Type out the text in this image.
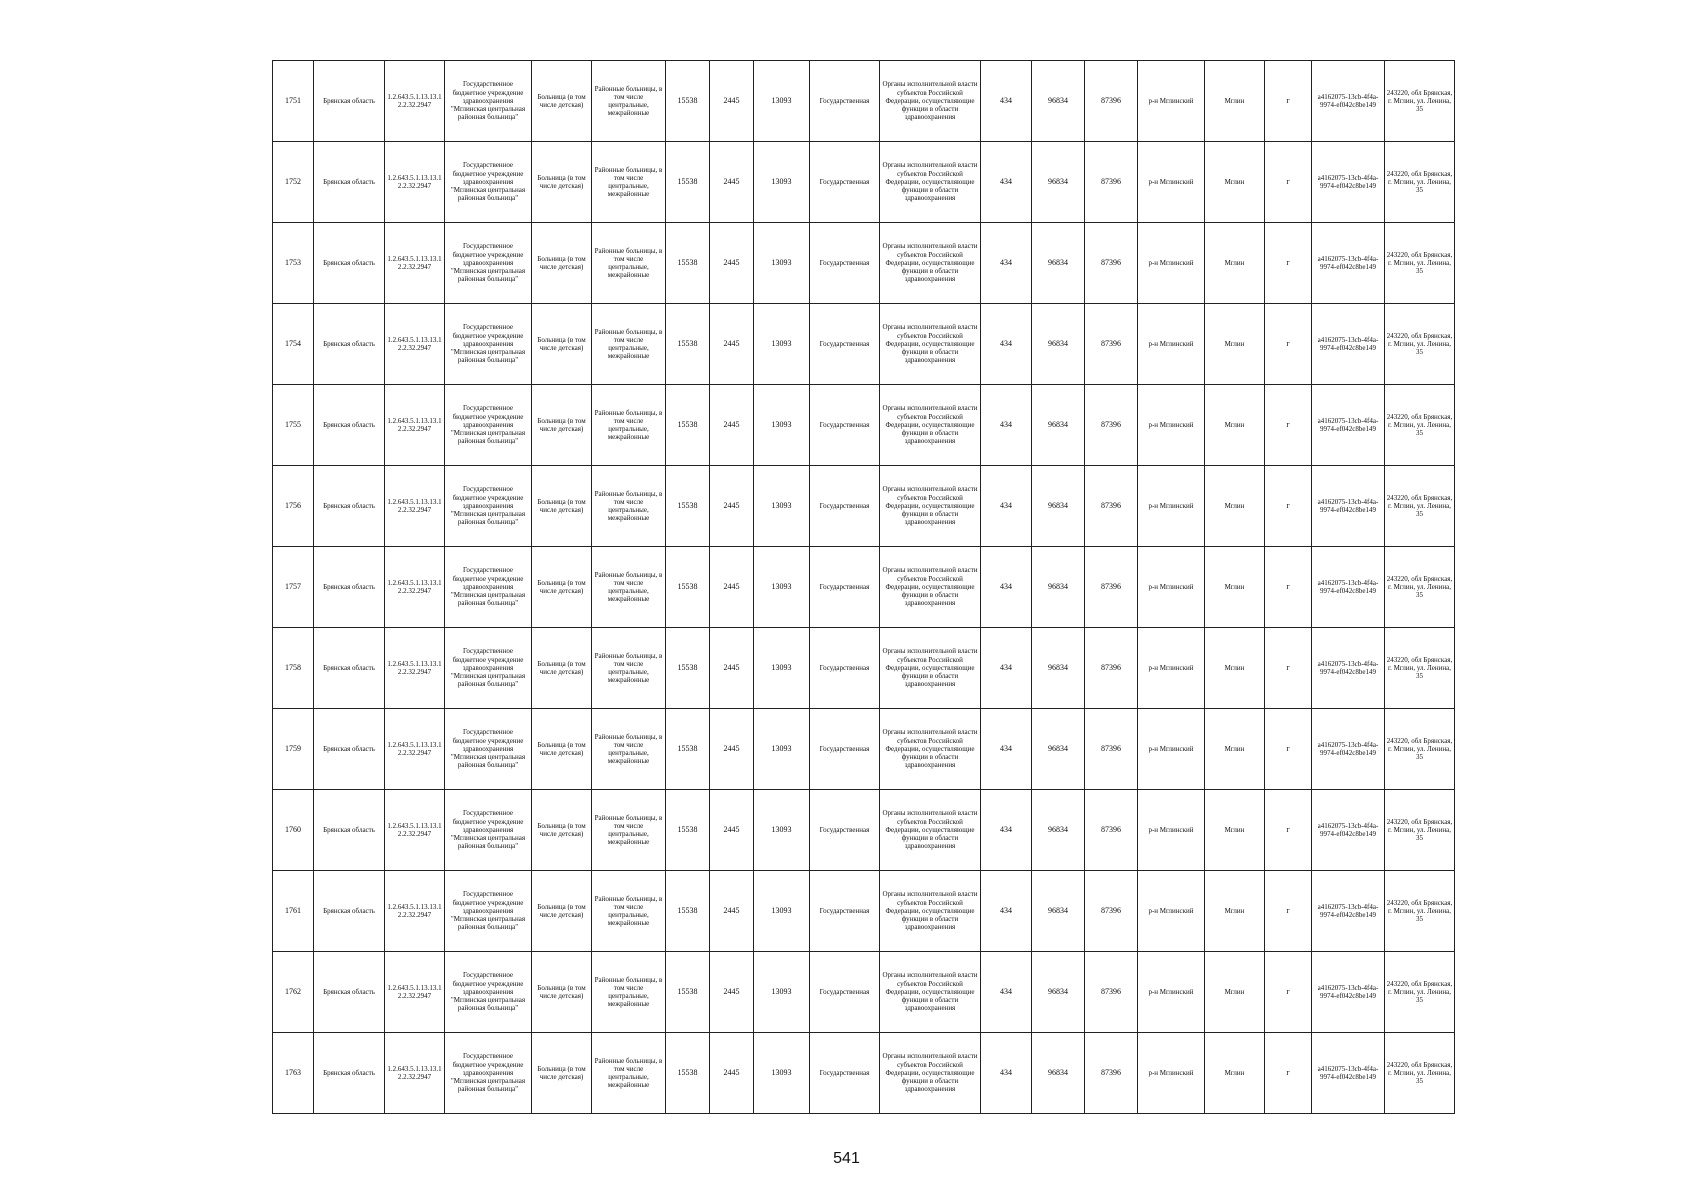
1751	Брянская область	1.2.643.5.1.13.13.12.2.32.2947	Государственное бюджетное учреждение здравоохранения "Мглинская центральная районная больница"	Больница (в том числе детская)	Районные больницы, в том числе центральные, межрайонные	15538	2445	13093	Государственная	Органы исполнительной власти субъектов Российской Федерации, осуществляющие функции в области здравоохранения	434	96834	87396	р-н Мглинский	Мглин	г	a4162075-13cb-4f4a-9974-ef042c8be149	243220, обл Брянская, г. Мглин, ул. Ленина, 35
1752	Брянская область	1.2.643.5.1.13.13.12.2.32.2947	Государственное бюджетное учреждение здравоохранения "Мглинская центральная районная больница"	Больница (в том числе детская)	Районные больницы, в том числе центральные, межрайонные	15538	2445	13093	Государственная	Органы исполнительной власти субъектов Российской Федерации, осуществляющие функции в области здравоохранения	434	96834	87396	р-н Мглинский	Мглин	г	a4162075-13cb-4f4a-9974-ef042c8be149	243220, обл Брянская, г. Мглин, ул. Ленина, 35
1753	Брянская область	1.2.643.5.1.13.13.12.2.32.2947	Государственное бюджетное учреждение здравоохранения "Мглинская центральная районная больница"	Больница (в том числе детская)	Районные больницы, в том числе центральные, межрайонные	15538	2445	13093	Государственная	Органы исполнительной власти субъектов Российской Федерации, осуществляющие функции в области здравоохранения	434	96834	87396	р-н Мглинский	Мглин	г	a4162075-13cb-4f4a-9974-ef042c8be149	243220, обл Брянская, г. Мглин, ул. Ленина, 35
1754	Брянская область	1.2.643.5.1.13.13.12.2.32.2947	Государственное бюджетное учреждение здравоохранения "Мглинская центральная районная больница"	Больница (в том числе детская)	Районные больницы, в том числе центральные, межрайонные	15538	2445	13093	Государственная	Органы исполнительной власти субъектов Российской Федерации, осуществляющие функции в области здравоохранения	434	96834	87396	р-н Мглинский	Мглин	г	a4162075-13cb-4f4a-9974-ef042c8be149	243220, обл Брянская, г. Мглин, ул. Ленина, 35
1755	Брянская область	1.2.643.5.1.13.13.12.2.32.2947	Государственное бюджетное учреждение здравоохранения "Мглинская центральная районная больница"	Больница (в том числе детская)	Районные больницы, в том числе центральные, межрайонные	15538	2445	13093	Государственная	Органы исполнительной власти субъектов Российской Федерации, осуществляющие функции в области здравоохранения	434	96834	87396	р-н Мглинский	Мглин	г	a4162075-13cb-4f4a-9974-ef042c8be149	243220, обл Брянская, г. Мглин, ул. Ленина, 35
1756	Брянская область	1.2.643.5.1.13.13.12.2.32.2947	Государственное бюджетное учреждение здравоохранения "Мглинская центральная районная больница"	Больница (в том числе детская)	Районные больницы, в том числе центральные, межрайонные	15538	2445	13093	Государственная	Органы исполнительной власти субъектов Российской Федерации, осуществляющие функции в области здравоохранения	434	96834	87396	р-н Мглинский	Мглин	г	a4162075-13cb-4f4a-9974-ef042c8be149	243220, обл Брянская, г. Мглин, ул. Ленина, 35
1757	Брянская область	1.2.643.5.1.13.13.12.2.32.2947	Государственное бюджетное учреждение здравоохранения "Мглинская центральная районная больница"	Больница (в том числе детская)	Районные больницы, в том числе центральные, межрайонные	15538	2445	13093	Государственная	Органы исполнительной власти субъектов Российской Федерации, осуществляющие функции в области здравоохранения	434	96834	87396	р-н Мглинский	Мглин	г	a4162075-13cb-4f4a-9974-ef042c8be149	243220, обл Брянская, г. Мглин, ул. Ленина, 35
1758	Брянская область	1.2.643.5.1.13.13.12.2.32.2947	Государственное бюджетное учреждение здравоохранения "Мглинская центральная районная больница"	Больница (в том числе детская)	Районные больницы, в том числе центральные, межрайонные	15538	2445	13093	Государственная	Органы исполнительной власти субъектов Российской Федерации, осуществляющие функции в области здравоохранения	434	96834	87396	р-н Мглинский	Мглин	г	a4162075-13cb-4f4a-9974-ef042c8be149	243220, обл Брянская, г. Мглин, ул. Ленина, 35
1759	Брянская область	1.2.643.5.1.13.13.12.2.32.2947	Государственное бюджетное учреждение здравоохранения "Мглинская центральная районная больница"	Больница (в том числе детская)	Районные больницы, в том числе центральные, межрайонные	15538	2445	13093	Государственная	Органы исполнительной власти субъектов Российской Федерации, осуществляющие функции в области здравоохранения	434	96834	87396	р-н Мглинский	Мглин	г	a4162075-13cb-4f4a-9974-ef042c8be149	243220, обл Брянская, г. Мглин, ул. Ленина, 35
1760	Брянская область	1.2.643.5.1.13.13.12.2.32.2947	Государственное бюджетное учреждение здравоохранения "Мглинская центральная районная больница"	Больница (в том числе детская)	Районные больницы, в том числе центральные, межрайонные	15538	2445	13093	Государственная	Органы исполнительной власти субъектов Российской Федерации, осуществляющие функции в области здравоохранения	434	96834	87396	р-н Мглинский	Мглин	г	a4162075-13cb-4f4a-9974-ef042c8be149	243220, обл Брянская, г. Мглин, ул. Ленина, 35
1761	Брянская область	1.2.643.5.1.13.13.12.2.32.2947	Государственное бюджетное учреждение здравоохранения "Мглинская центральная районная больница"	Больница (в том числе детская)	Районные больницы, в том числе центральные, межрайонные	15538	2445	13093	Государственная	Органы исполнительной власти субъектов Российской Федерации, осуществляющие функции в области здравоохранения	434	96834	87396	р-н Мглинский	Мглин	г	a4162075-13cb-4f4a-9974-ef042c8be149	243220, обл Брянская, г. Мглин, ул. Ленина, 35
1762	Брянская область	1.2.643.5.1.13.13.12.2.32.2947	Государственное бюджетное учреждение здравоохранения "Мглинская центральная районная больница"	Больница (в том числе детская)	Районные больницы, в том числе центральные, межрайонные	15538	2445	13093	Государственная	Органы исполнительной власти субъектов Российской Федерации, осуществляющие функции в области здравоохранения	434	96834	87396	р-н Мглинский	Мглин	г	a4162075-13cb-4f4a-9974-ef042c8be149	243220, обл Брянская, г. Мглин, ул. Ленина, 35
1763	Брянская область	1.2.643.5.1.13.13.12.2.32.2947	Государственное бюджетное учреждение здравоохранения "Мглинская центральная районная больница"	Больница (в том числе детская)	Районные больницы, в том числе центральные, межрайонные	15538	2445	13093	Государственная	Органы исполнительной власти субъектов Российской Федерации, осуществляющие функции в области здравоохранения	434	96834	87396	р-н Мглинский	Мглин	г	a4162075-13cb-4f4a-9974-ef042c8be149	243220, обл Брянская, г. Мглин, ул. Ленина, 35
541
